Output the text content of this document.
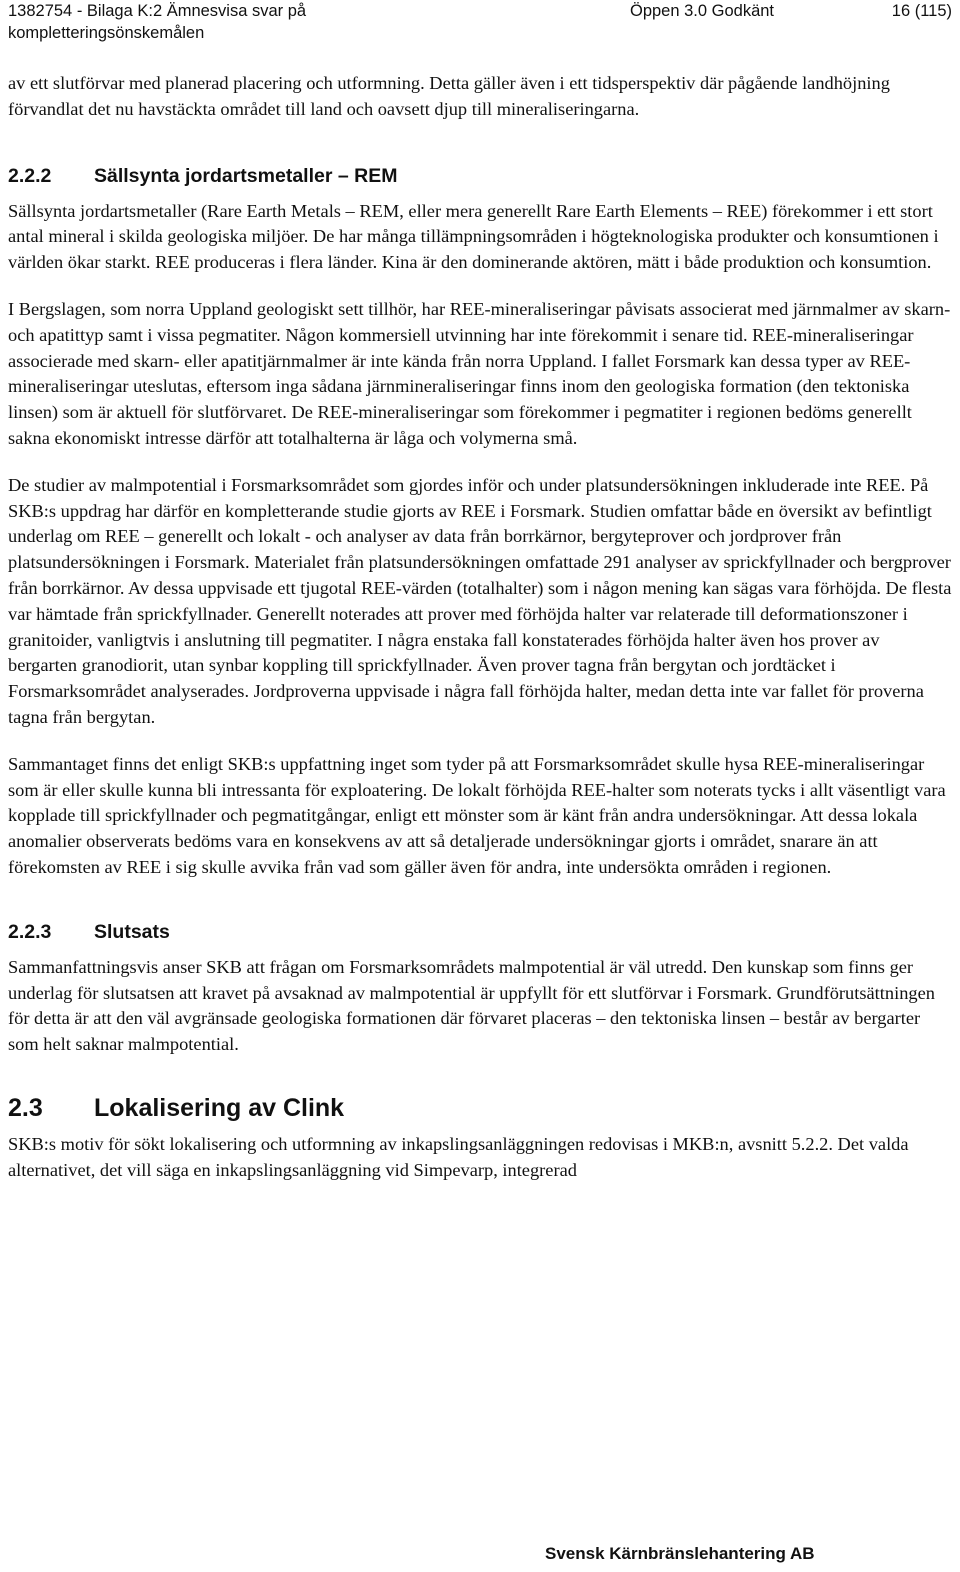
1382754 - Bilaga K:2 Ämnesvisa svar på
kompletteringsönskemålen
Öppen 3.0 Godkänt	16 (115)

av ett slutförvar med planerad placering och utformning. Detta gäller även i ett tidsperspektiv där pågående landhöjning förvandlat det nu havstäckta området till land och oavsett djup till mineraliseringarna.

2.2.2 Sällsynta jordartsmetaller – REM

Sällsynta jordartsmetaller (Rare Earth Metals – REM, eller mera generellt Rare Earth Elements – REE) förekommer i ett stort antal mineral i skilda geologiska miljöer. De har många tillämpningsområden i högteknologiska produkter och konsumtionen i världen ökar starkt. REE produceras i flera länder. Kina är den dominerande aktören, mätt i både produktion och konsumtion.

I Bergslagen, som norra Uppland geologiskt sett tillhör, har REE-mineraliseringar påvisats associerat med järnmalmer av skarn- och apatittyp samt i vissa pegmatiter. Någon kommersiell utvinning har inte förekommit i senare tid. REE-mineraliseringar associerade med skarn- eller apatitjärnmalmer är inte kända från norra Uppland. I fallet Forsmark kan dessa typer av REE-mineraliseringar uteslutas, eftersom inga sådana järnmineraliseringar finns inom den geologiska formation (den tektoniska linsen) som är aktuell för slutförvaret. De REE-mineraliseringar som förekommer i pegmatiter i regionen bedöms generellt sakna ekonomiskt intresse därför att totalhalterna är låga och volymerna små.

De studier av malmpotential i Forsmarksområdet som gjordes inför och under platsundersökningen inkluderade inte REE. På SKB:s uppdrag har därför en kompletterande studie gjorts av REE i Forsmark. Studien omfattar både en översikt av befintligt underlag om REE – generellt och lokalt - och analyser av data från borrkärnor, bergyteprover och jordprover från platsundersökningen i Forsmark. Materialet från platsundersökningen omfattade 291 analyser av sprickfyllnader och bergprover från borrkärnor. Av dessa uppvisade ett tjugotal REE-värden (totalhalter) som i någon mening kan sägas vara förhöjda. De flesta var hämtade från sprickfyllnader. Generellt noterades att prover med förhöjda halter var relaterade till deformationszoner i granitoider, vanligtvis i anslutning till pegmatiter. I några enstaka fall konstaterades förhöjda halter även hos prover av bergarten granodiorit, utan synbar koppling till sprickfyllnader. Även prover tagna från bergytan och jordtäcket i Forsmarksområdet analyserades. Jordproverna uppvisade i några fall förhöjda halter, medan detta inte var fallet för proverna tagna från bergytan.

Sammantaget finns det enligt SKB:s uppfattning inget som tyder på att Forsmarksområdet skulle hysa REE-mineraliseringar som är eller skulle kunna bli intressanta för exploatering. De lokalt förhöjda REE-halter som noterats tycks i allt väsentligt vara kopplade till sprickfyllnader och pegmatitgångar, enligt ett mönster som är känt från andra undersökningar. Att dessa lokala anomalier observerats bedöms vara en konsekvens av att så detaljerade undersökningar gjorts i området, snarare än att förekomsten av REE i sig skulle avvika från vad som gäller även för andra, inte undersökta områden i regionen.

2.2.3 Slutsats

Sammanfattningsvis anser SKB att frågan om Forsmarksområdets malmpotential är väl utredd. Den kunskap som finns ger underlag för slutsatsen att kravet på avsaknad av malmpotential är uppfyllt för ett slutförvar i Forsmark. Grundförutsättningen för detta är att den väl avgränsade geologiska formationen där förvaret placeras – den tektoniska linsen – består av bergarter som helt saknar malmpotential.

2.3 Lokalisering av Clink

SKB:s motiv för sökt lokalisering och utformning av inkapslingsanläggningen redovisas i MKB:n, avsnitt 5.2.2. Det valda alternativet, det vill säga en inkapslingsanläggning vid Simpevarp, integrerad

Svensk Kärnbränslehantering AB
